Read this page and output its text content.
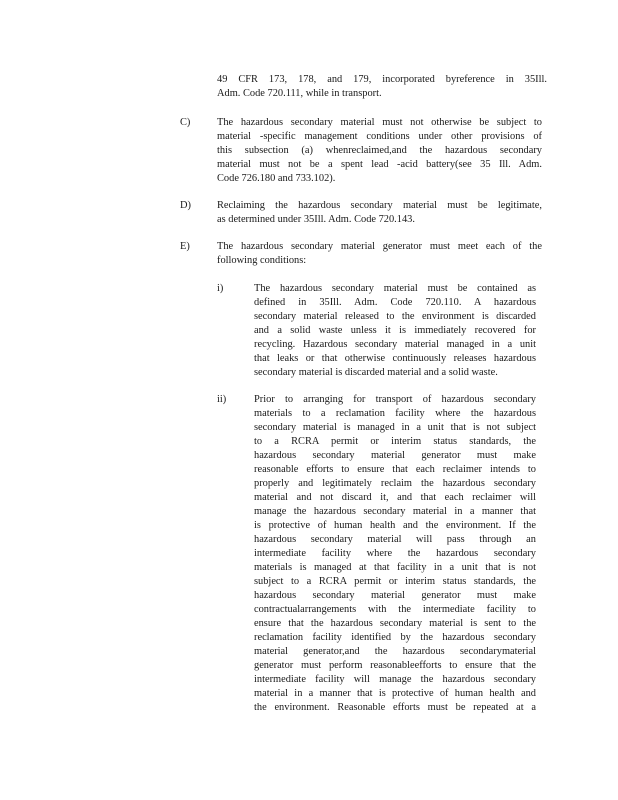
49 CFR 173, 178, and 179, incorporated byreference in 35Ill.
Adm. Code 720.111, while in transport.
C)	The hazardous secondary material must not otherwise be subject to
material -specific management conditions under other provisions of
this subsection (a) whenreclaimed,and the hazardous secondary
material must not be a spent lead -acid battery(see 35 Ill. Adm.
Code 726.180 and 733.102).
D)	Reclaiming the hazardous secondary material must be legitimate,
as determined under 35Ill. Adm. Code 720.143.
E)	The hazardous secondary material generator must meet each of the
following conditions:
i)	The hazardous secondary material must be contained as
defined in 35Ill. Adm. Code 720.110. A hazardous
secondary material released to the environment is discarded
and a solid waste unless it is immediately recovered for
recycling. Hazardous secondary material managed in a unit
that leaks or that otherwise continuously releases hazardous
secondary material is discarded material and a solid waste.
ii)	Prior to arranging for transport of hazardous secondary
materials to a reclamation facility where the hazardous
secondary material is managed in a unit that is not subject
to a RCRA permit or interim status standards, the
hazardous secondary material generator must make
reasonable efforts to ensure that each reclaimer intends to
properly and legitimately reclaim the hazardous secondary
material and not discard it, and that each reclaimer will
manage the hazardous secondary material in a manner that
is protective of human health and the environment. If the
hazardous secondary material will pass through an
intermediate facility where the hazardous secondary
materials is managed at that facility in a unit that is not
subject to a RCRA permit or interim status standards, the
hazardous secondary material generator must make
contractualarrangements with the intermediate facility to
ensure that the hazardous secondary material is sent to the
reclamation facility identified by the hazardous secondary
material generator,and the hazardous secondarymaterial
generator must perform reasonableefforts to ensure that the
intermediate facility will manage the hazardous secondary
material in a manner that is protective of human health and
the environment. Reasonable efforts must be repeated at a
